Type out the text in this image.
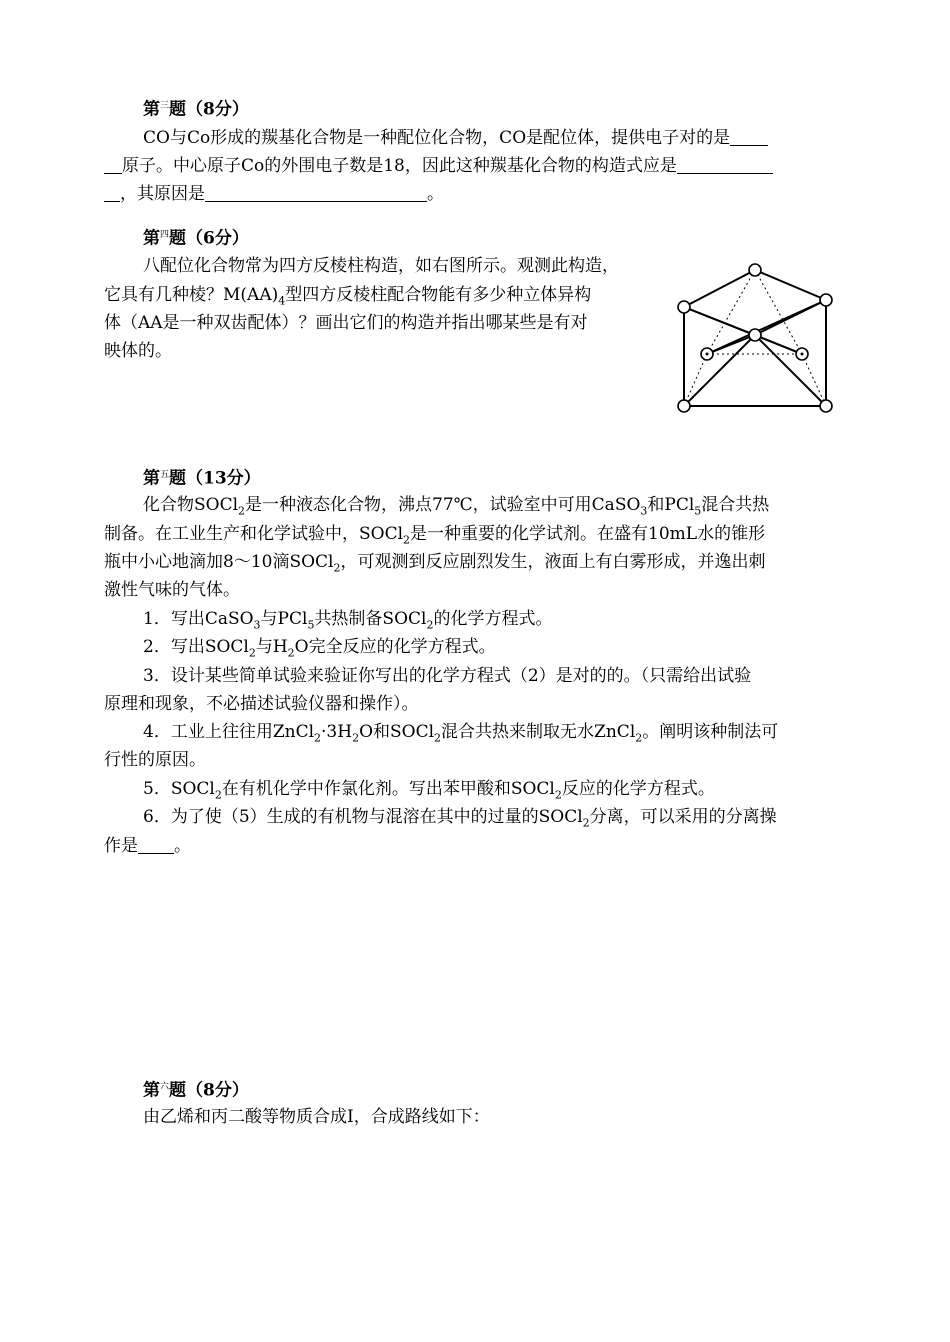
第$^三$题（8分）
CO与Co形成的羰基化合物是一种配位化合物，CO是配位体，提供电子对的是
原子。中心原子Co的外围电子数是18，因此这种羰基化合物的构造式应是
，其原因是	。
第$^四$题（6分）
八配位化合物常为四方反棱柱构造，如右图所示。观测此构造，
它具有几种棱？$M(AA)_4$型四方反棱柱配合物能有多少种立体异构
体（AA是一种双齿配体）？画出它们的构造并指出哪某些是有对
映体的。
第$^五$题（13分）
化合物SOCl$_2$是一种液态化合物，沸点77℃，试验室中可用CaSO$_3$和PCl$_5$混合共热
制备。在工业生产和化学试验中，SOCl$_2$是一种重要的化学试剂。在盛有10mL水的锥形
瓶中小心地滴加8～10滴SOCl$_2$，可观测到反应剧烈发生，液面上有白雾形成，并逸出刺
激性气味的气体。
1．写出CaSO$_3$与PCl$_5$共热制备SOCl$_2$的化学方程式。
2．写出SOCl$_2$与$H_2O$完全反应的化学方程式。
3．设计某些简单试验来验证你写出的化学方程式（2）是对的的。（只需给出试验
原理和现象，不必描述试验仪器和操作）。
4．工业上往往用$ZnCl_2\cdot 3H_2O$和SOCl$_2$混合共热来制取无水ZnCl$_2$。阐明该种制法可
行性的原因。
5．SOCl$_2$在有机化学中作氯化剂。写出苯甲酸和SOCl$_2$反应的化学方程式。
6．为了使（5）生成的有机物与混溶在其中的过量的SOCl$_2$分离，可以采用的分离操
作是 。
第$^六$题（8分）
由乙烯和丙二酸等物质合成I，合成路线如下：
